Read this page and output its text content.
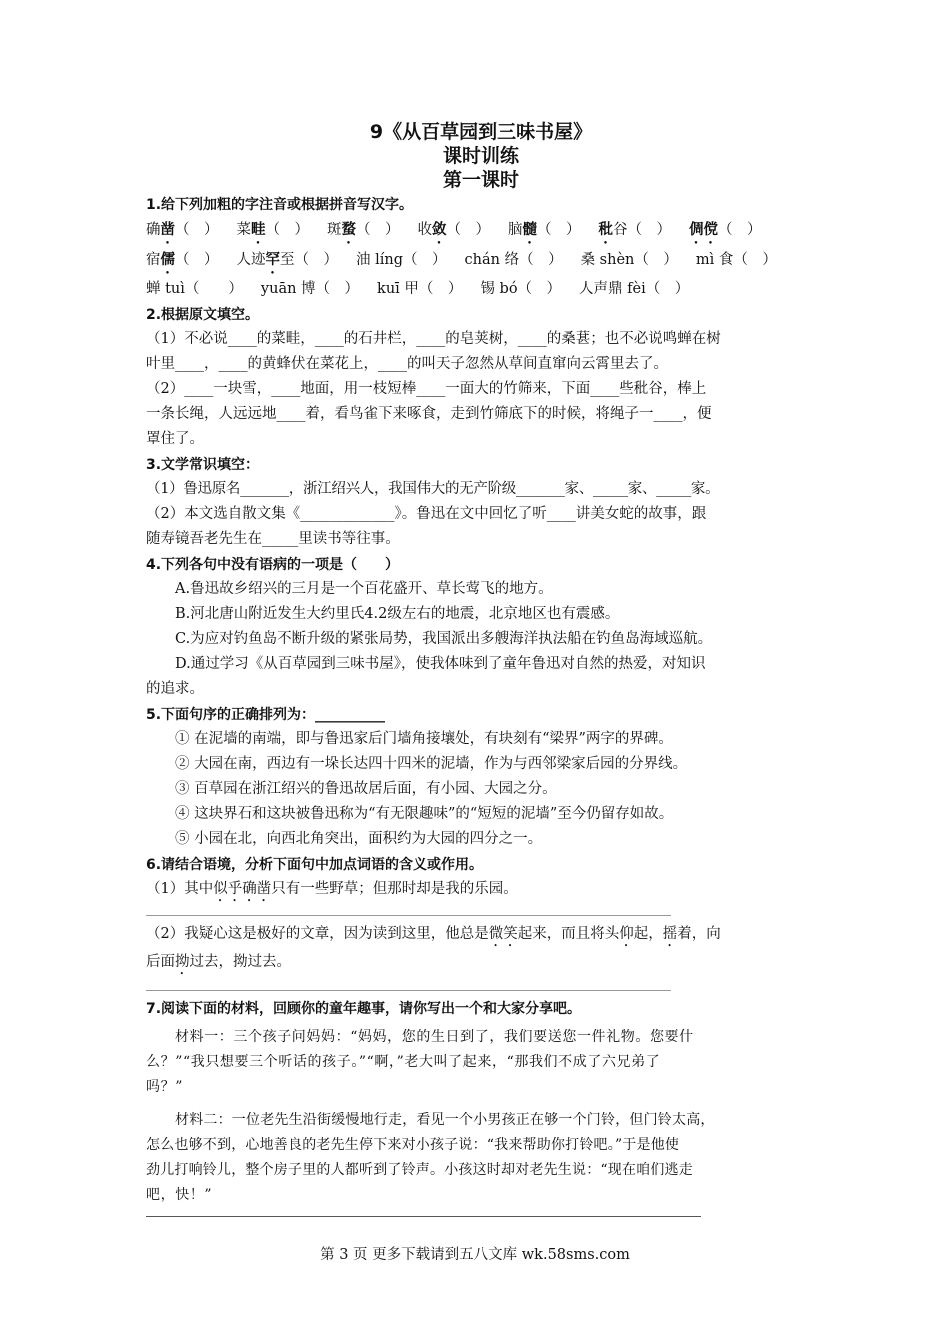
9《从百草园到三味书屋》
课时训练
第一课时
1.给下列加粗的字注音或根据拼音写汉字。
确凿（　） 菜畦（　） 斑蝥（　） 收敛（　） 脑髓（　） 秕谷（　） 倜傥（　）
宿儒（　） 人迹罕至（　） 油 líng（　） chán 络（　） 桑 shèn（　） mì 食（　）
蝉 tuì（　　） yuān 博（　） kuī 甲（　） 锡 bó（　） 人声鼎 fèi（　）
2.根据原文填空。
（1）不必说____的菜畦，____的石井栏，____的皂荚树，____的桑葚；也不必说鸣蝉在树
叶里____，____的黄蜂伏在菜花上，____的叫天子忽然从草间直窜向云霄里去了。
（2）____一块雪，____地面，用一枝短棒____一面大的竹筛来，下面____些秕谷，棒上
一条长绳，人远远地____着，看鸟雀下来啄食，走到竹筛底下的时候，将绳子一____，便
罩住了。
3.文学常识填空：
（1）鲁迅原名_______，浙江绍兴人，我国伟大的无产阶级_______家、_____家、_____家。
（2）本文选自散文集《_____________》。鲁迅在文中回忆了听____讲美女蛇的故事，跟
随寿镜吾老先生在_____里读书等往事。
4.下列各句中没有语病的一项是（　　）
A.鲁迅故乡绍兴的三月是一个百花盛开、草长莺飞的地方。
B.河北唐山附近发生大约里氏4.2级左右的地震，北京地区也有震感。
C.为应对钓鱼岛不断升级的紧张局势，我国派出多艘海洋执法船在钓鱼岛海域巡航。
D.通过学习《从百草园到三味书屋》，使我体味到了童年鲁迅对自然的热爱，对知识
的追求。
5.下面句序的正确排列为：__________
① 在泥墙的南端，即与鲁迅家后门墙角接壤处，有块刻有“梁界”两字的界碑。
② 大园在南，西边有一垛长达四十四米的泥墙，作为与西邻梁家后园的分界线。
③ 百草园在浙江绍兴的鲁迅故居后面，有小园、大园之分。
④ 这块界石和这块被鲁迅称为“有无限趣味”的“短短的泥墙”至今仍留存如故。
⑤ 小园在北，向西北角突出，面积约为大园的四分之一。
6.请结合语境，分析下面句中加点词语的含义或作用。
（1）其中似乎确凿只有一些野草；但那时却是我的乐园。
（2）我疑心这是极好的文章，因为读到这里，他总是微笑起来，而且将头仰起，摇着，向
后面拗过去，拗过去。
7.阅读下面的材料，回顾你的童年趣事，请你写出一个和大家分享吧。
材料一：三个孩子问妈妈：“妈妈，您的生日到了，我们要送您一件礼物。您要什
么？”“我只想要三个听话的孩子。”“啊，”老大叫了起来，“那我们不成了六兄弟了
吗？”
材料二：一位老先生沿街缓慢地行走，看见一个小男孩正在够一个门铃，但门铃太高，
怎么也够不到，心地善良的老先生停下来对小孩子说：“我来帮助你打铃吧。”于是他使
劲儿打响铃儿，整个房子里的人都听到了铃声。小孩这时却对老先生说：“现在咱们逃走
吧，快！”
第 3 页 更多下载请到五八文库 wk.58sms.com
